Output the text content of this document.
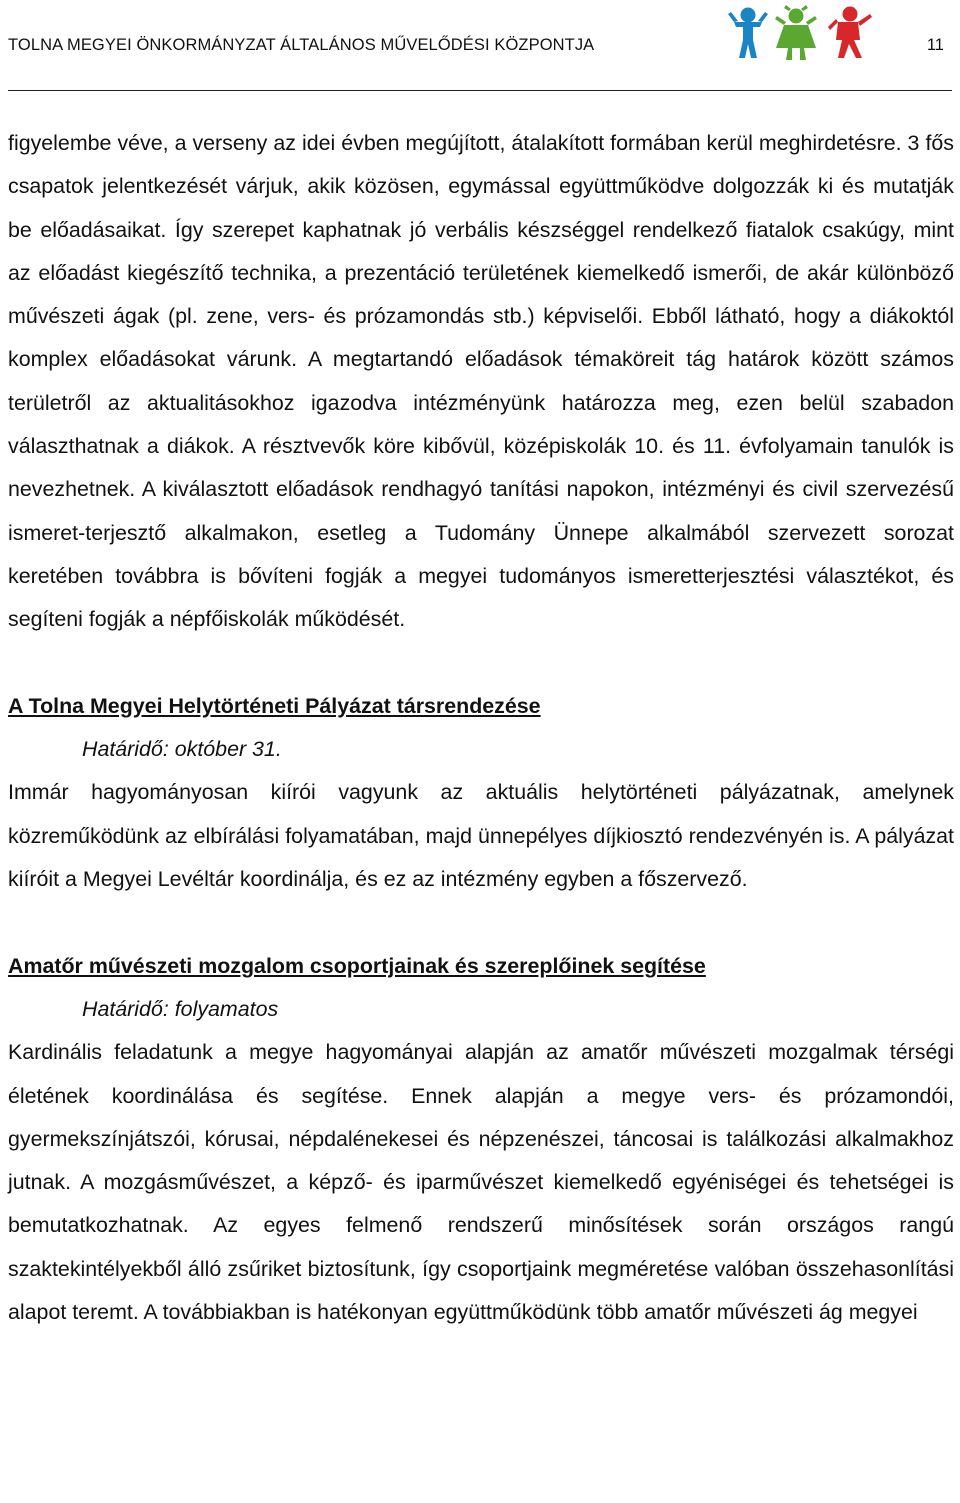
TOLNA MEGYEI ÖNKORMÁNYZAT ÁLTALÁNOS MŰVELŐDÉSI KÖZPONTJA	11

figyelembe véve, a verseny az idei évben megújított, átalakított formában kerül meghirdetésre. 3 fős csapatok jelentkezését várjuk, akik közösen, egymással együttműködve dolgozzák ki és mutatják be előadásaikat. Így szerepet kaphatnak jó verbális készséggel rendelkező fiatalok csakúgy, mint az előadást kiegészítő technika, a prezentáció területének kiemelkedő ismerői, de akár különböző művészeti ágak (pl. zene, vers- és prózamondás stb.) képviselői. Ebből látható, hogy a diákoktól komplex előadásokat várunk. A megtartandó előadások témaköreit tág határok között számos területről az aktualitásokhoz igazodva intézményünk határozza meg, ezen belül szabadon választhatnak a diákok. A résztvevők köre kibővül, középiskolák 10. és 11. évfolyamain tanulók is nevezhetnek. A kiválasztott előadások rendhagyó tanítási napokon, intézményi és civil szervezésű ismeret-terjesztő alkalmakon, esetleg a Tudomány Ünnepe alkalmából szervezett sorozat keretében továbbra is bővíteni fogják a megyei tudományos ismeretterjesztési választékot, és segíteni fogják a népfőiskolák működését.

A Tolna Megyei Helytörténeti Pályázat társrendezése
Határidő: október 31.

Immár hagyományosan kiírói vagyunk az aktuális helytörténeti pályázatnak, amelynek közreműködünk az elbírálási folyamatában, majd ünnepélyes díjkiosztó rendezvényén is. A pályázat kiíróit a Megyei Levéltár koordinálja, és ez az intézmény egyben a főszervező.

Amatőr művészeti mozgalom csoportjainak és szereplőinek segítése
Határidő: folyamatos

Kardinális feladatunk a megye hagyományai alapján az amatőr művészeti mozgalmak térségi életének koordinálása és segítése. Ennek alapján a megye vers- és prózamondói, gyermekszínjátszói, kórusai, népdalénekesei és népzenészei, táncosai is találkozási alkalmakhoz jutnak. A mozgásművészet, a képző- és iparművészet kiemelkedő egyéniségei és tehetségei is bemutatkozhatnak. Az egyes felmenő rendszerű minősítések során országos rangú szaktekintélyekből álló zsűriket biztosítunk, így csoportjaink megméretése valóban összehasonlítási alapot teremt. A továbbiakban is hatékonyan együttműködünk több amatőr művészeti ág megyei
